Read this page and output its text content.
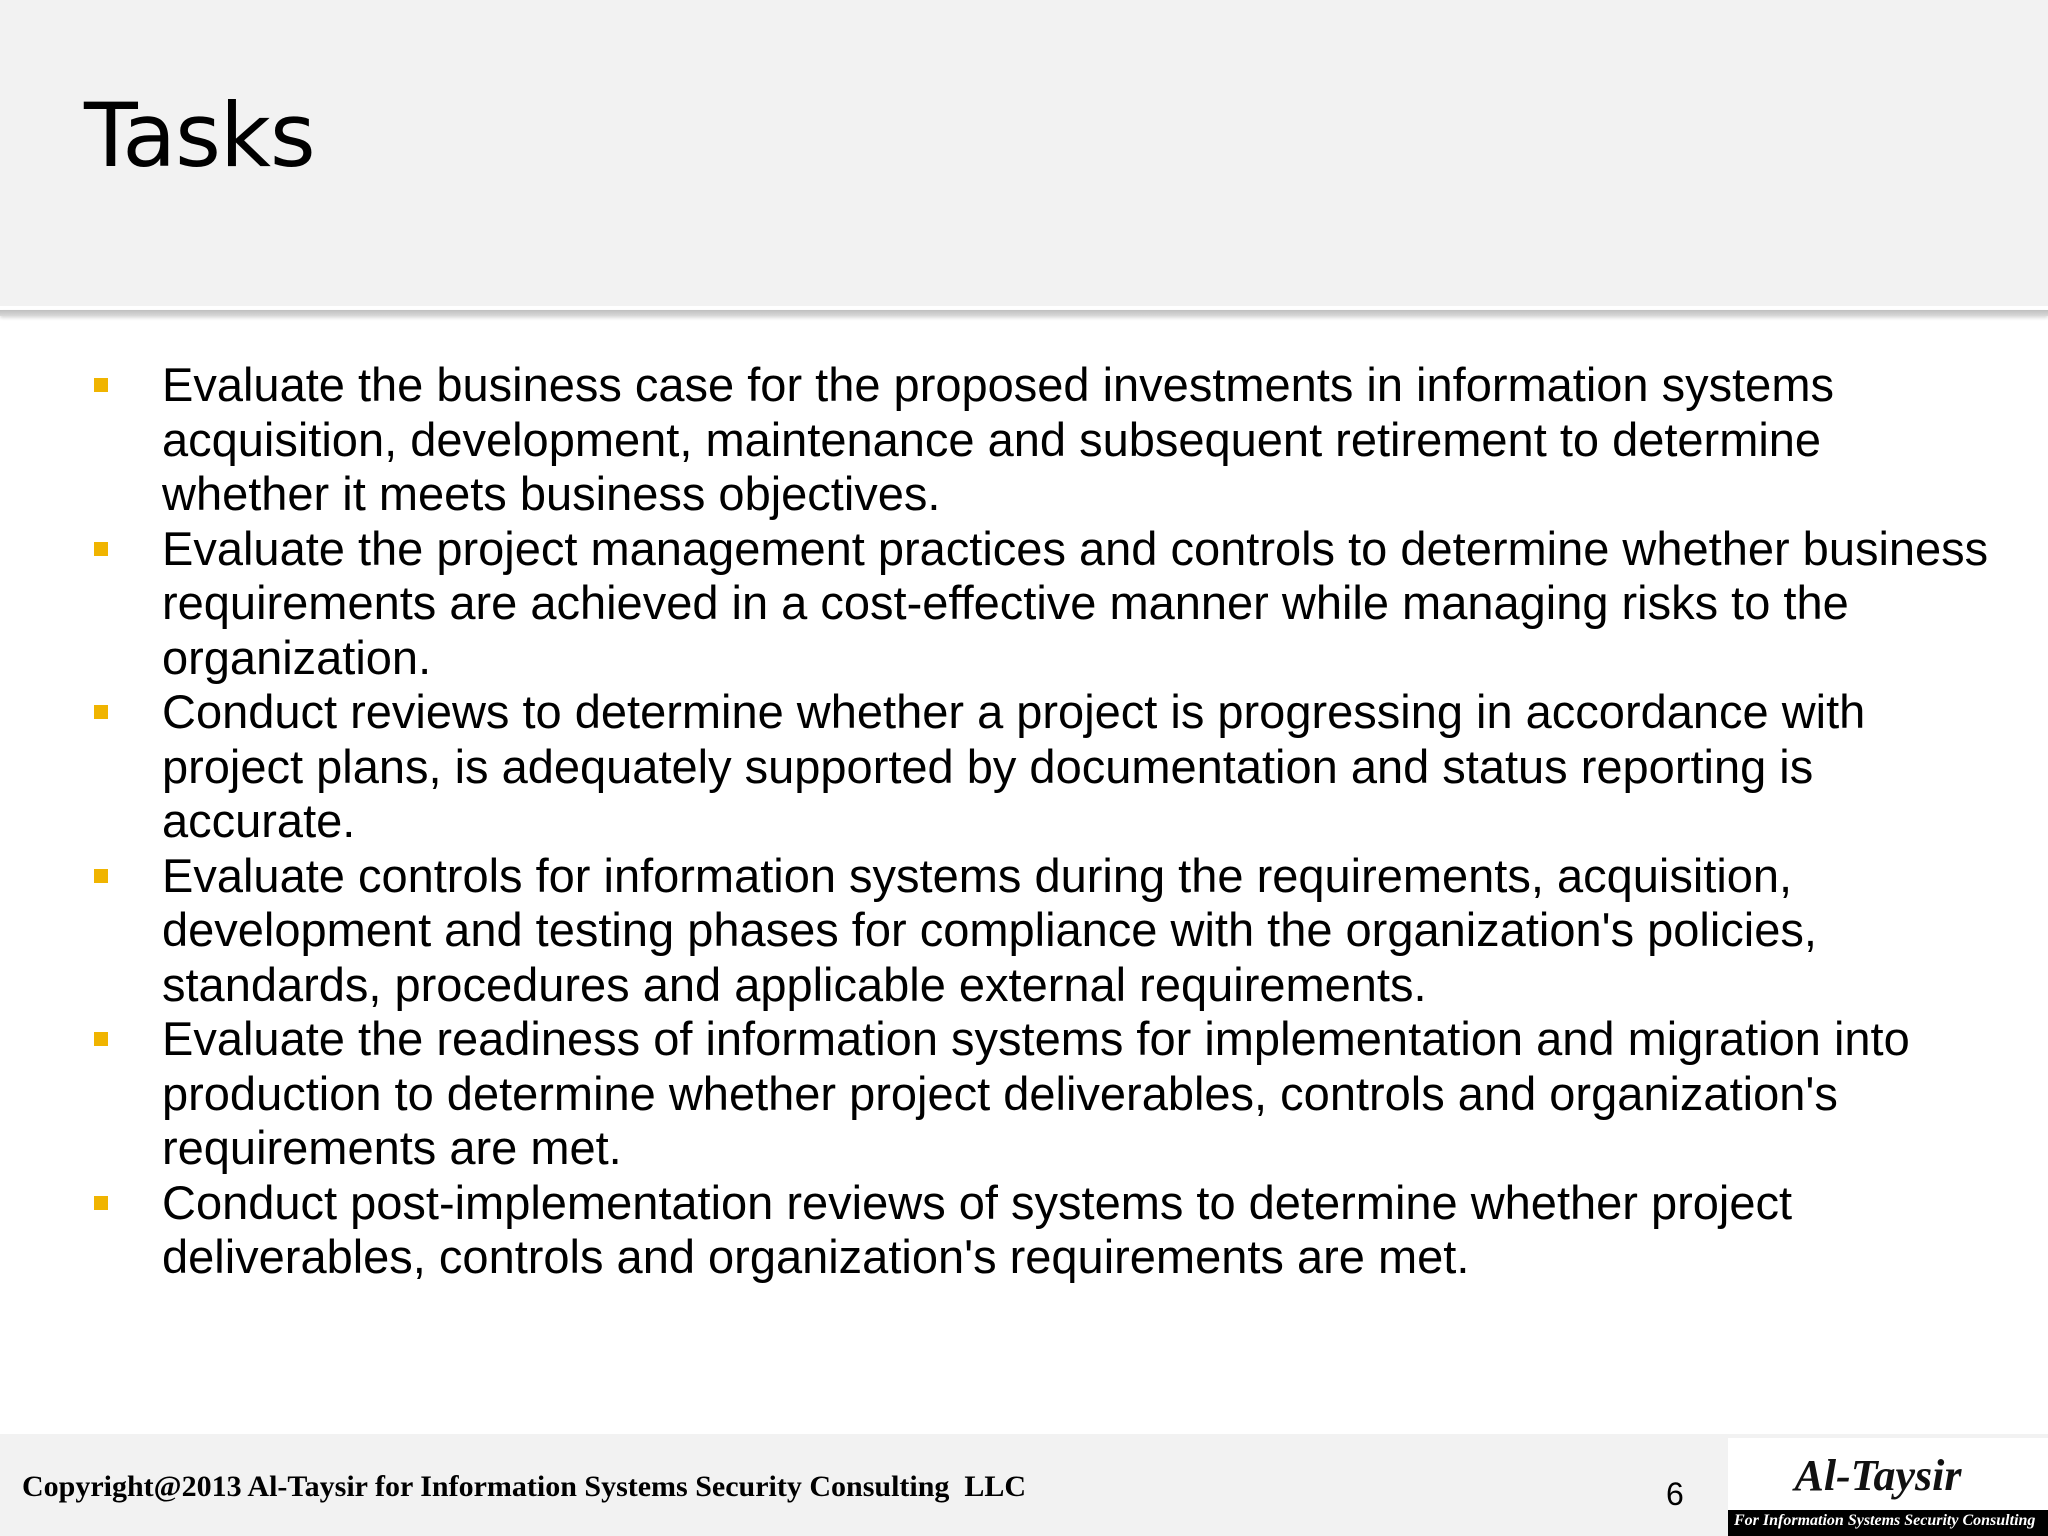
Tasks
Evaluate the business case for the proposed investments in information systems acquisition, development, maintenance and subsequent retirement to determine whether it meets business objectives.
Evaluate the project management practices and controls to determine whether business requirements are achieved in a cost-effective manner while managing risks to the organization.
Conduct reviews to determine whether a project is progressing in accordance with project plans, is adequately supported by documentation and status reporting is accurate.
Evaluate controls for information systems during the requirements, acquisition, development and testing phases for compliance with the organization's policies, standards, procedures and applicable external requirements.
Evaluate the readiness of information systems for implementation and migration into production to determine whether project deliverables, controls and organization's requirements are met.
Conduct post-implementation reviews of systems to determine whether project deliverables, controls and organization's requirements are met.
Copyright@2013 Al-Taysir for Information Systems Security Consulting  LLC	6	Al-Taysir
For Information Systems Security Consulting
